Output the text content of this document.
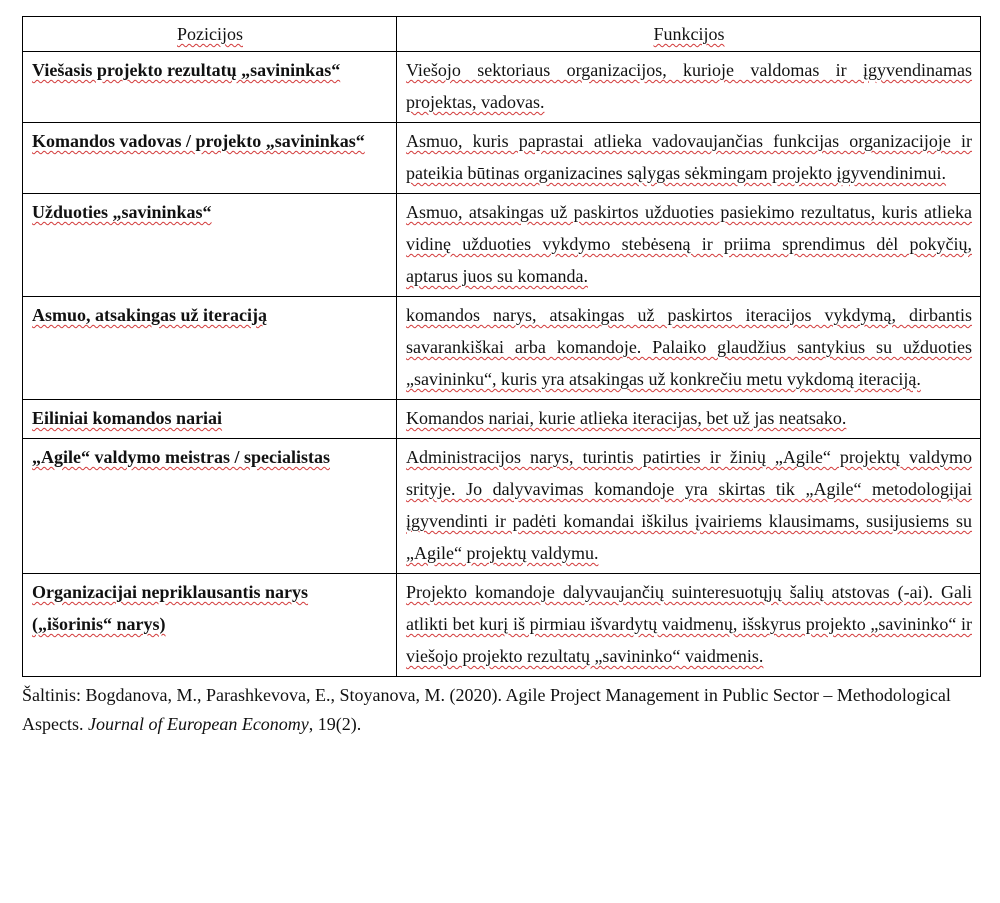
Pozicijos	Funkcijos
Viešasis projekto rezultatų „savininkas“	Viešojo sektoriaus organizacijos, kurioje valdomas ir įgyvendinamas projektas, vadovas.
Komandos vadovas / projekto „savininkas“	Asmuo, kuris paprastai atlieka vadovaujančias funkcijas organizacijoje ir pateikia būtinas organizacines sąlygas sėkmingam projekto įgyvendinimui.
Užduoties „savininkas“	Asmuo, atsakingas už paskirtos užduoties pasiekimo rezultatus, kuris atlieka vidinę užduoties vykdymo stebėseną ir priima sprendimus dėl pokyčių, aptarus juos su komanda.
Asmuo, atsakingas už iteraciją	komandos narys, atsakingas už paskirtos iteracijos vykdymą, dirbantis savarankiškai arba komandoje. Palaiko glaudžius santykius su užduoties „savininku“, kuris yra atsakingas už konkrečiu metu vykdomą iteraciją.
Eiliniai komandos nariai	Komandos nariai, kurie atlieka iteracijas, bet už jas neatsako.
„Agile“ valdymo meistras / specialistas	Administracijos narys, turintis patirties ir žinių „Agile“ projektų valdymo srityje. Jo dalyvavimas komandoje yra skirtas tik „Agile“ metodologijai įgyvendinti ir padėti komandai iškilus įvairiems klausimams, susijusiems su „Agile“ projektų valdymu.
Organizacijai nepriklausantis narys („išorinis“ narys)	Projekto komandoje dalyvaujančių suinteresuotųjų šalių atstovas (-ai). Gali atlikti bet kurį iš pirmiau išvardytų vaidmenų, išskyrus projekto „savininko“ ir viešojo projekto rezultatų „savininko“ vaidmenis.
Šaltinis: Bogdanova, M., Parashkevova, E., Stoyanova, M. (2020). Agile Project Management in Public Sector – Methodological Aspects. Journal of European Economy, 19(2).
